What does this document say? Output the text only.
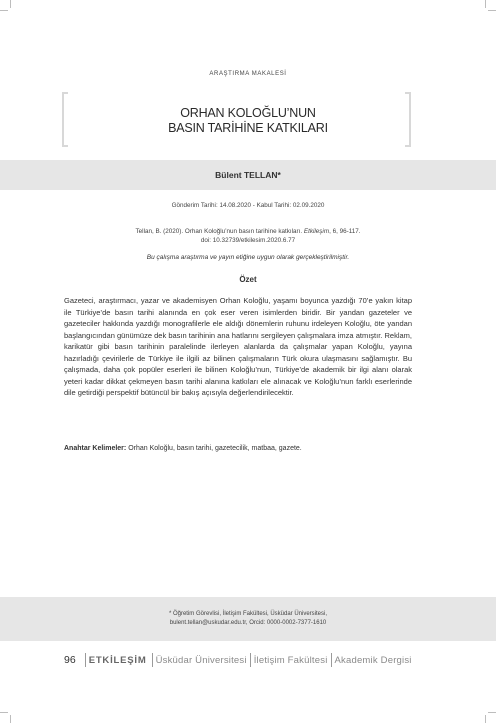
ARAŞTIRMA MAKALESİ
ORHAN KOLOĞLU’NUN
BASIN TARİHİNE KATKILARI
Bülent TELLAN*
Gönderim Tarihi: 14.08.2020 - Kabul Tarihi: 02.09.2020
Tellan, B. (2020). Orhan Koloğlu’nun basın tarihine katkıları. Etkileşim, 6, 96-117.
doi: 10.32739/etkilesim.2020.6.77
Bu çalışma araştırma ve yayın etiğine uygun olarak gerçekleştirilmiştir.
Özet
Gazeteci, araştırmacı, yazar ve akademisyen Orhan Koloğlu, yaşamı boyunca yazdığı 70’e yakın kitap ile Türkiye’de basın tarihi alanında en çok eser veren isimlerden biridir. Bir yandan gazeteler ve gazeteciler hakkında yazdığı monografilerle ele aldığı dönemlerin ruhunu irdeleyen Koloğlu, öte yandan başlangıcından günümüze dek basın tarihinin ana hatlarını sergileyen çalışmalara imza atmıştır. Reklam, karikatür gibi basın tarihinin paralelinde ilerleyen alanlarda da çalışmalar yapan Koloğlu, yayına hazırladığı çevirilerle de Türkiye ile ilgili az bilinen çalışmaların Türk okura ulaşmasını sağlamıştır. Bu çalışmada, daha çok popüler eserleri ile bilinen Koloğlu’nun, Türkiye’de akademik bir ilgi alanı olarak yeteri kadar dikkat çekmeyen basın tarihi alanına katkıları ele alınacak ve Koloğlu’nun farklı eserlerinde dile getirdiği perspektif bütüncül bir bakış açısıyla değerlendirilecektir.
Anahtar Kelimeler: Orhan Koloğlu, basın tarihi, gazetecilik, matbaa, gazete.
* Öğretim Görevlisi, İletişim Fakültesi, Üsküdar Üniversitesi,
bulent.tellan@uskudar.edu.tr, Orcid: 0000-0002-7377-1610
96 ETKİLEŞİM Üsküdar Üniversitesi İletişim Fakültesi Akademik Dergisi
